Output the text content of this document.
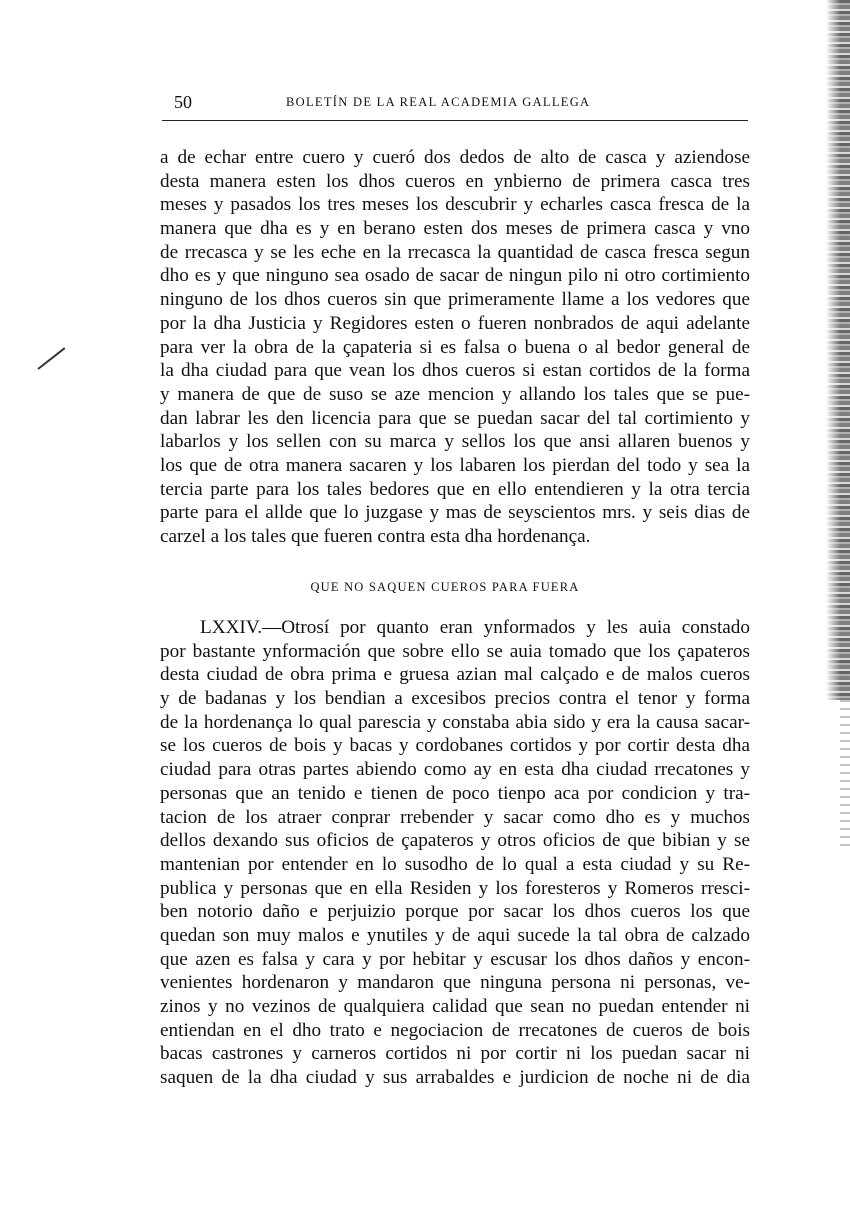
50	BOLETÍN DE LA REAL ACADEMIA GALLEGA
a de echar entre cuero y cueró dos dedos de alto de casca y aziendose
desta manera esten los dhos cueros en ynbierno de primera casca tres
meses y pasados los tres meses los descubrir y echarles casca fresca de la
manera que dha es y en berano esten dos meses de primera casca y vno
de rrecasca y se les eche en la rrecasca la quantidad de casca fresca segun
dho es y que ninguno sea osado de sacar de ningun pilo ni otro cortimiento
ninguno de los dhos cueros sin que primeramente llame a los vedores que
por la dha Justicia y Regidores esten o fueren nonbrados de aqui adelante
para ver la obra de la çapateria si es falsa o buena o al bedor general de
la dha ciudad para que vean los dhos cueros si estan cortidos de la forma
y manera de que de suso se aze mencion y allando los tales que se pue-
dan labrar les den licencia para que se puedan sacar del tal cortimiento y
labarlos y los sellen con su marca y sellos los que ansi allaren buenos y
los que de otra manera sacaren y los labaren los pierdan del todo y sea la
tercia parte para los tales bedores que en ello entendieren y la otra tercia
parte para el allde que lo juzgase y mas de seyscientos mrs. y seis dias de
carzel a los tales que fueren contra esta dha hordenança.
QUE NO SAQUEN CUEROS PARA FUERA
LXXIV.—Otrosí por quanto eran ynformados y les auia constado
por bastante ynformación que sobre ello se auia tomado que los çapateros
desta ciudad de obra prima e gruesa azian mal calçado e de malos cueros
y de badanas y los bendian a excesibos precios contra el tenor y forma
de la hordenança lo qual parescia y constaba abia sido y era la causa sacar-
se los cueros de bois y bacas y cordobanes cortidos y por cortir desta dha
ciudad para otras partes abiendo como ay en esta dha ciudad rrecatones y
personas que an tenido e tienen de poco tienpo aca por condicion y tra-
tacion de los atraer conprar rrebender y sacar como dho es y muchos
dellos dexando sus oficios de çapateros y otros oficios de que bibian y se
mantenian por entender en lo susodho de lo qual a esta ciudad y su Re-
publica y personas que en ella Residen y los foresteros y Romeros rresci-
ben notorio daño e perjuizio porque por sacar los dhos cueros los que
quedan son muy malos e ynutiles y de aqui sucede la tal obra de calzado
que azen es falsa y cara y por hebitar y escusar los dhos daños y encon-
venientes hordenaron y mandaron que ninguna persona ni personas, ve-
zinos y no vezinos de qualquiera calidad que sean no puedan entender ni
entiendan en el dho trato e negociacion de rrecatones de cueros de bois
bacas castrones y carneros cortidos ni por cortir ni los puedan sacar ni
saquen de la dha ciudad y sus arrabaldes e jurdicion de noche ni de dia
